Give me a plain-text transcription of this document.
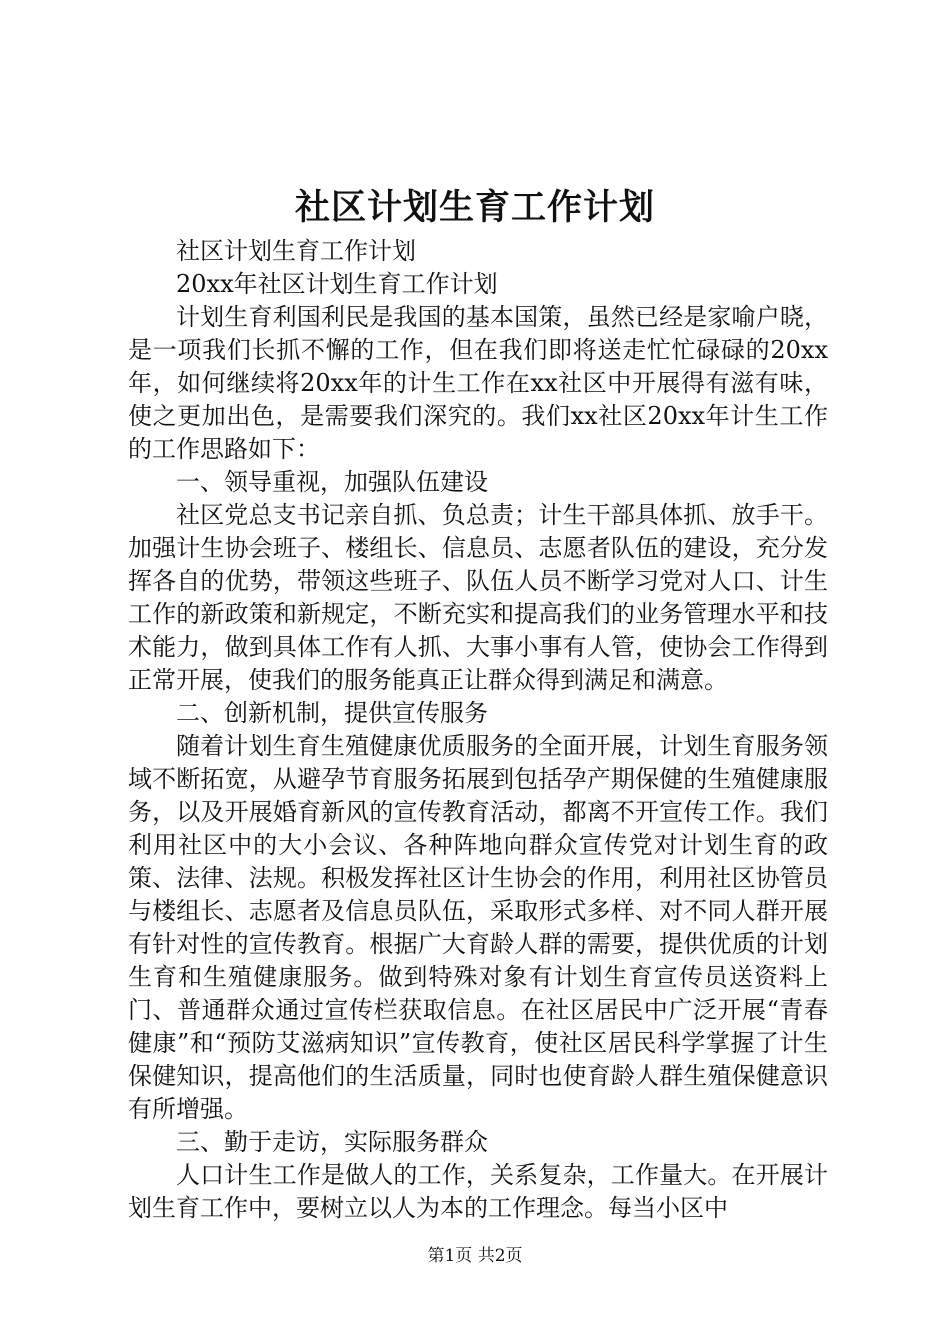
社区计划生育工作计划

社区计划生育工作计划

20xx年社区计划生育工作计划

计划生育利国利民是我国的基本国策，虽然已经是家喻户晓，是一项我们长抓不懈的工作，但在我们即将送走忙忙碌碌的20xx年，如何继续将20xx年的计生工作在xx社区中开展得有滋有味，使之更加出色，是需要我们深究的。我们xx社区20xx年计生工作的工作思路如下：

一、领导重视，加强队伍建设

社区党总支书记亲自抓、负总责；计生干部具体抓、放手干。加强计生协会班子、楼组长、信息员、志愿者队伍的建设，充分发挥各自的优势，带领这些班子、队伍人员不断学习党对人口、计生工作的新政策和新规定，不断充实和提高我们的业务管理水平和技术能力，做到具体工作有人抓、大事小事有人管，使协会工作得到正常开展，使我们的服务能真正让群众得到满足和满意。

二、创新机制，提供宣传服务

随着计划生育生殖健康优质服务的全面开展，计划生育服务领域不断拓宽，从避孕节育服务拓展到包括孕产期保健的生殖健康服务，以及开展婚育新风的宣传教育活动，都离不开宣传工作。我们利用社区中的大小会议、各种阵地向群众宣传党对计划生育的政策、法律、法规。积极发挥社区计生协会的作用，利用社区协管员与楼组长、志愿者及信息员队伍，采取形式多样、对不同人群开展有针对性的宣传教育。根据广大育龄人群的需要，提供优质的计划生育和生殖健康服务。做到特殊对象有计划生育宣传员送资料上门、普通群众通过宣传栏获取信息。在社区居民中广泛开展“青春健康”和“预防艾滋病知识”宣传教育，使社区居民科学掌握了计生保健知识，提高他们的生活质量，同时也使育龄人群生殖保健意识有所增强。

三、勤于走访，实际服务群众

人口计生工作是做人的工作，关系复杂，工作量大。在开展计划生育工作中，要树立以人为本的工作理念。每当小区中

第1页 共2页
